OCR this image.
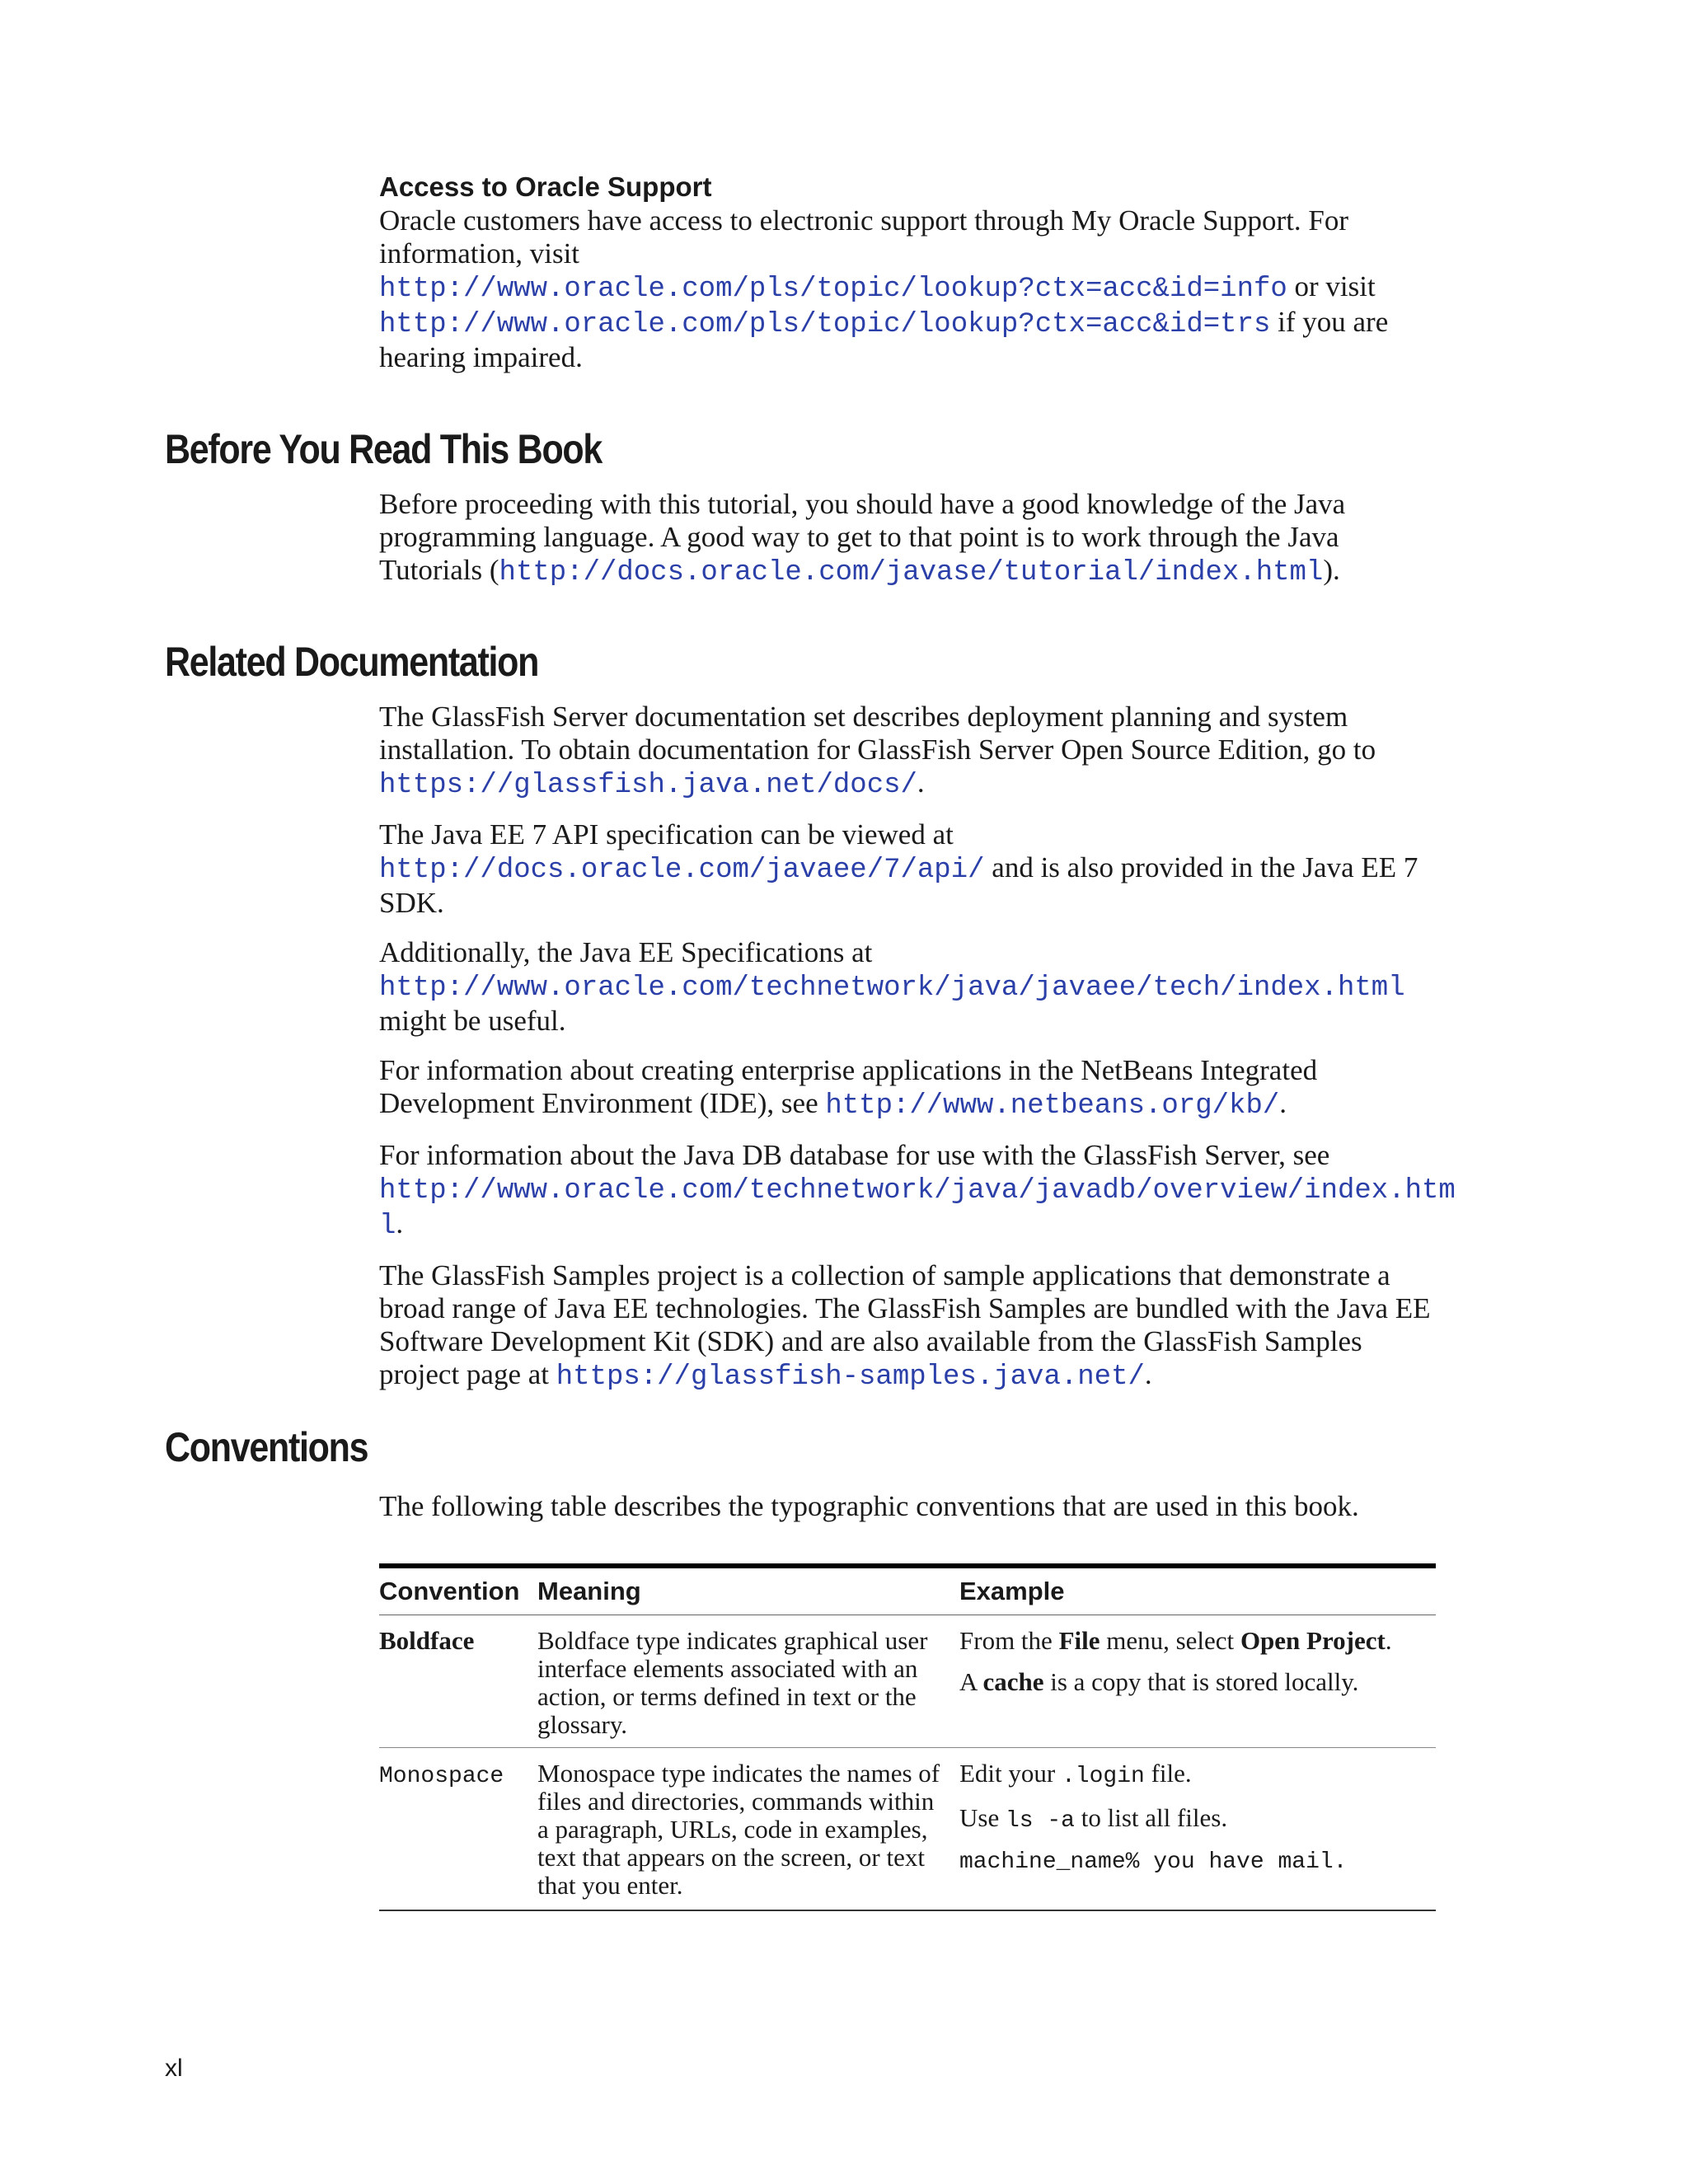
Access to Oracle Support

Oracle customers have access to electronic support through My Oracle Support. For information, visit
http://www.oracle.com/pls/topic/lookup?ctx=acc&id=info or visit
http://www.oracle.com/pls/topic/lookup?ctx=acc&id=trs if you are hearing impaired.

Before You Read This Book

Before proceeding with this tutorial, you should have a good knowledge of the Java programming language. A good way to get to that point is to work through the Java Tutorials (http://docs.oracle.com/javase/tutorial/index.html).

Related Documentation

The GlassFish Server documentation set describes deployment planning and system installation. To obtain documentation for GlassFish Server Open Source Edition, go to https://glassfish.java.net/docs/.

The Java EE 7 API specification can be viewed at
http://docs.oracle.com/javaee/7/api/ and is also provided in the Java EE 7 SDK.

Additionally, the Java EE Specifications at
http://www.oracle.com/technetwork/java/javaee/tech/index.html
might be useful.

For information about creating enterprise applications in the NetBeans Integrated Development Environment (IDE), see http://www.netbeans.org/kb/.

For information about the Java DB database for use with the GlassFish Server, see
http://www.oracle.com/technetwork/java/javadb/overview/index.htm
l.

The GlassFish Samples project is a collection of sample applications that demonstrate a broad range of Java EE technologies. The GlassFish Samples are bundled with the Java EE Software Development Kit (SDK) and are also available from the GlassFish Samples project page at https://glassfish-samples.java.net/.

Conventions

The following table describes the typographic conventions that are used in this book.

Convention	Meaning	Example
Boldface	Boldface type indicates graphical user interface elements associated with an action, or terms defined in text or the glossary.	From the File menu, select Open Project.
A cache is a copy that is stored locally.

Monospace	Monospace type indicates the names of files and directories, commands within a paragraph, URLs, code in examples, text that appears on the screen, or text that you enter.	Edit your .login file.
Use ls -a to list all files.
machine_name% you have mail.
xl
